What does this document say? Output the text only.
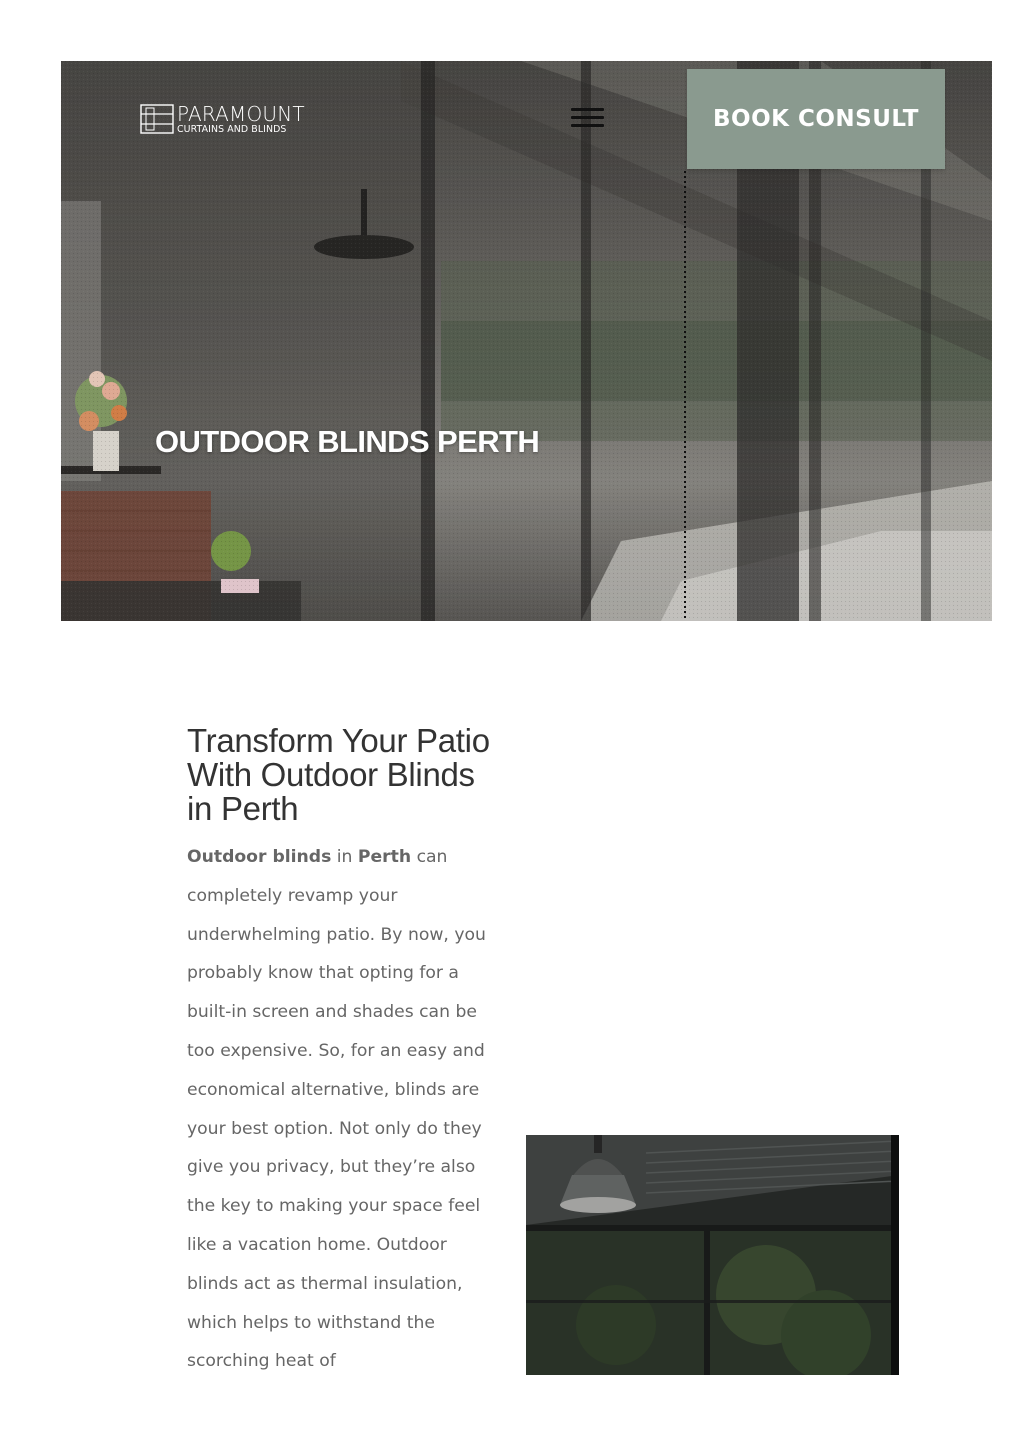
PARAMOUNT
CURTAINS AND BLINDS	BOOK CONSULT
OUTDOOR BLINDS PERTH
Transform Your Patio With Outdoor Blinds in Perth

Outdoor blinds in Perth can completely revamp your underwhelming patio. By now, you probably know that opting for a built-in screen and shades can be too expensive. So, for an easy and economical alternative, blinds are your best option. Not only do they give you privacy, but they’re also the key to making your space feel like a vacation home. Outdoor blinds act as thermal insulation, which helps to withstand the scorching heat of
